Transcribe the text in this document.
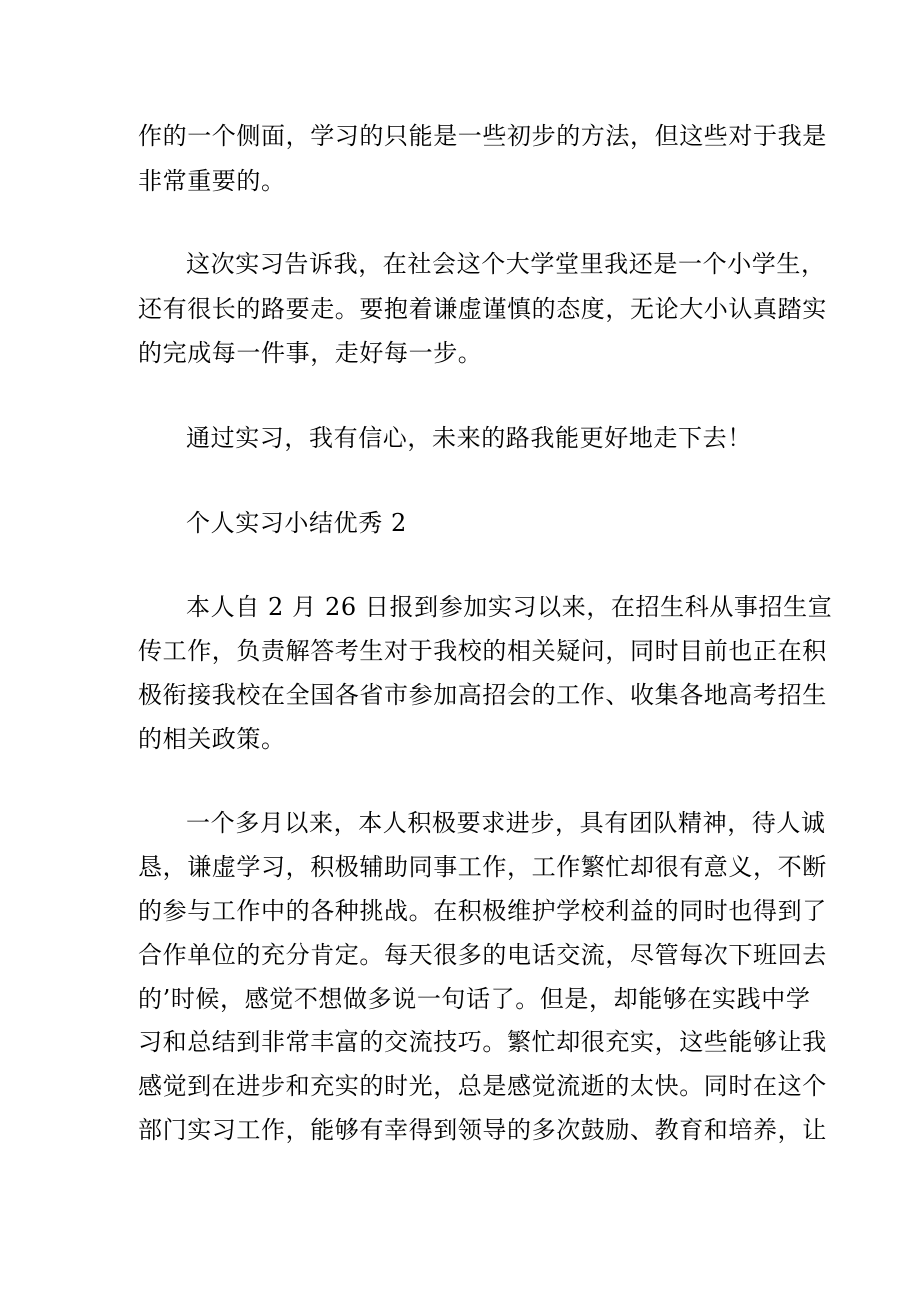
作的一个侧面，学习的只能是一些初步的方法，但这些对于我是
非常重要的。
这次实习告诉我，在社会这个大学堂里我还是一个小学生，
还有很长的路要走。要抱着谦虚谨慎的态度，无论大小认真踏实
的完成每一件事，走好每一步。
通过实习，我有信心，未来的路我能更好地走下去！
个人实习小结优秀 2
本人自 2 月 26 日报到参加实习以来，在招生科从事招生宣
传工作，负责解答考生对于我校的相关疑问，同时目前也正在积
极衔接我校在全国各省市参加高招会的工作、收集各地高考招生
的相关政策。
一个多月以来，本人积极要求进步，具有团队精神，待人诚
恳，谦虚学习，积极辅助同事工作，工作繁忙却很有意义，不断
的参与工作中的各种挑战。在积极维护学校利益的同时也得到了
合作单位的充分肯定。每天很多的电话交流，尽管每次下班回去
的’时候，感觉不想做多说一句话了。但是，却能够在实践中学
习和总结到非常丰富的交流技巧。繁忙却很充实，这些能够让我
感觉到在进步和充实的时光，总是感觉流逝的太快。同时在这个
部门实习工作，能够有幸得到领导的多次鼓励、教育和培养，让
